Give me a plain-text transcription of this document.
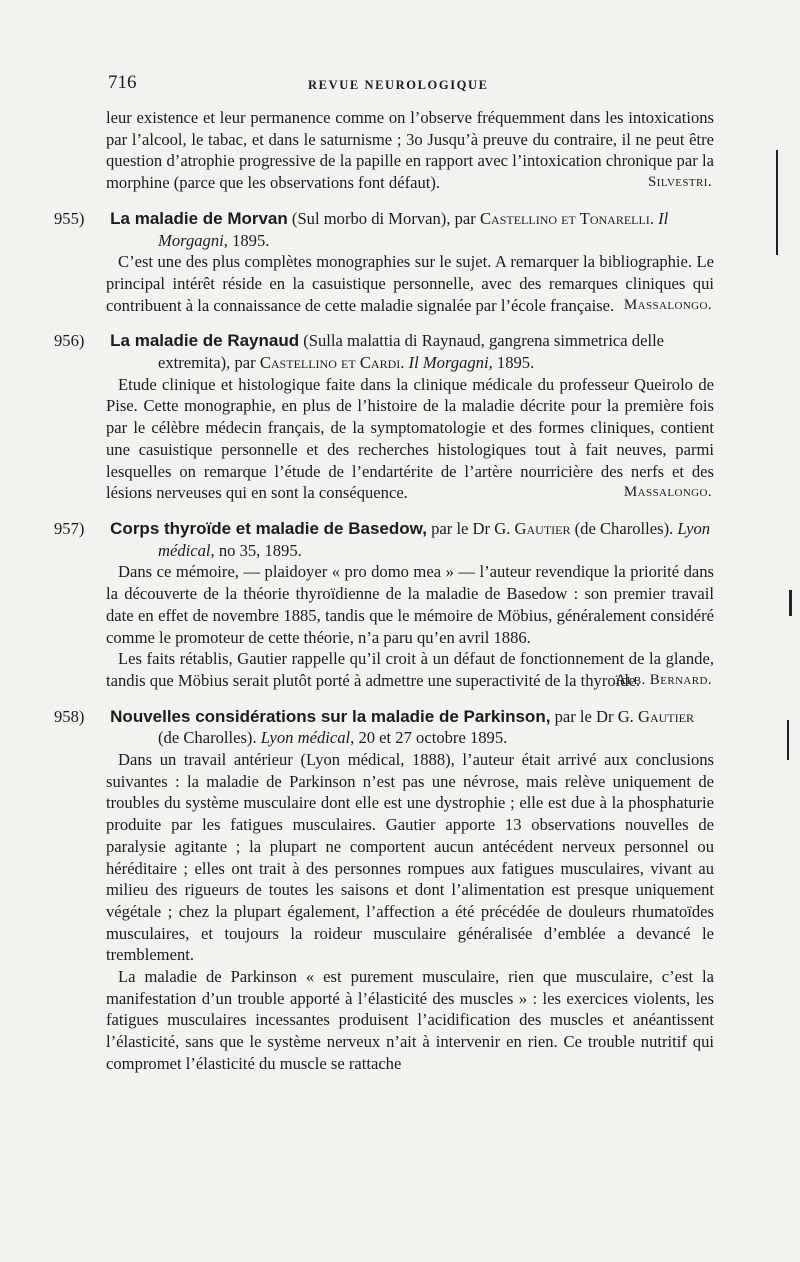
716	REVUE NEUROLOGIQUE

leur existence et leur permanence comme on l’observe fréquemment dans les intoxications par l’alcool, le tabac, et dans le saturnisme ; 3o Jusqu’à preuve du contraire, il ne peut être question d’atrophie progressive de la papille en rapport avec l’intoxication chronique par la morphine (parce que les observations font défaut).	Silvestri.

955) La maladie de Morvan (Sul morbo di Morvan), par Castellino et Tonarelli. Il Morgagni, 1895.

C’est une des plus complètes monographies sur le sujet. A remarquer la bibliographie. Le principal intérêt réside en la casuistique personnelle, avec des remarques cliniques qui contribuent à la connaissance de cette maladie signalée par l’école française. Massalongo.

956) La maladie de Raynaud (Sulla malattia di Raynaud, gangrena simmetrica delle extremita), par Castellino et Cardi. Il Morgagni, 1895.

Etude clinique et histologique faite dans la clinique médicale du professeur Queirolo de Pise. Cette monographie, en plus de l’histoire de la maladie décrite pour la première fois par le célèbre médecin français, de la symptomatologie et des formes cliniques, contient une casuistique personnelle et des recherches histologiques tout à fait neuves, parmi lesquelles on remarque l’étude de l’endartérite de l’artère nourricière des nerfs et des lésions nerveuses qui en sont la conséquence.	Massalongo.

957) Corps thyroïde et maladie de Basedow, par le Dr G. Gautier (de Charolles). Lyon médical, no 35, 1895.

Dans ce mémoire, — plaidoyer « pro domo mea » — l’auteur revendique la priorité dans la découverte de la théorie thyroïdienne de la maladie de Basedow : son premier travail date en effet de novembre 1885, tandis que le mémoire de Möbius, généralement considéré comme le promoteur de cette théorie, n’a paru qu’en avril 1886.

Les faits rétablis, Gautier rappelle qu’il croit à un défaut de fonctionnement de la glande, tandis que Möbius serait plutôt porté à admettre une superactivité de la thyroïde.

Alb. Bernard.

958) Nouvelles considérations sur la maladie de Parkinson, par le Dr G. Gautier (de Charolles). Lyon médical, 20 et 27 octobre 1895.

Dans un travail antérieur (Lyon médical, 1888), l’auteur était arrivé aux conclusions suivantes : la maladie de Parkinson n’est pas une névrose, mais relève uniquement de troubles du système musculaire dont elle est une dystrophie ; elle est due à la phosphaturie produite par les fatigues musculaires. Gautier apporte 13 observations nouvelles de paralysie agitante ; la plupart ne comportent aucun antécédent nerveux personnel ou héréditaire ; elles ont trait à des personnes rompues aux fatigues musculaires, vivant au milieu des rigueurs de toutes les saisons et dont l’alimentation est presque uniquement végétale ; chez la plupart également, l’affection a été précédée de douleurs rhumatoïdes musculaires, et toujours la roideur musculaire généralisée d’emblée a devancé le tremblement.

La maladie de Parkinson « est purement musculaire, rien que musculaire, c’est la manifestation d’un trouble apporté à l’élasticité des muscles » : les exercices violents, les fatigues musculaires incessantes produisent l’acidification des muscles et anéantissent l’élasticité, sans que le système nerveux n’ait à intervenir en rien. Ce trouble nutritif qui compromet l’élasticité du muscle se rattache
